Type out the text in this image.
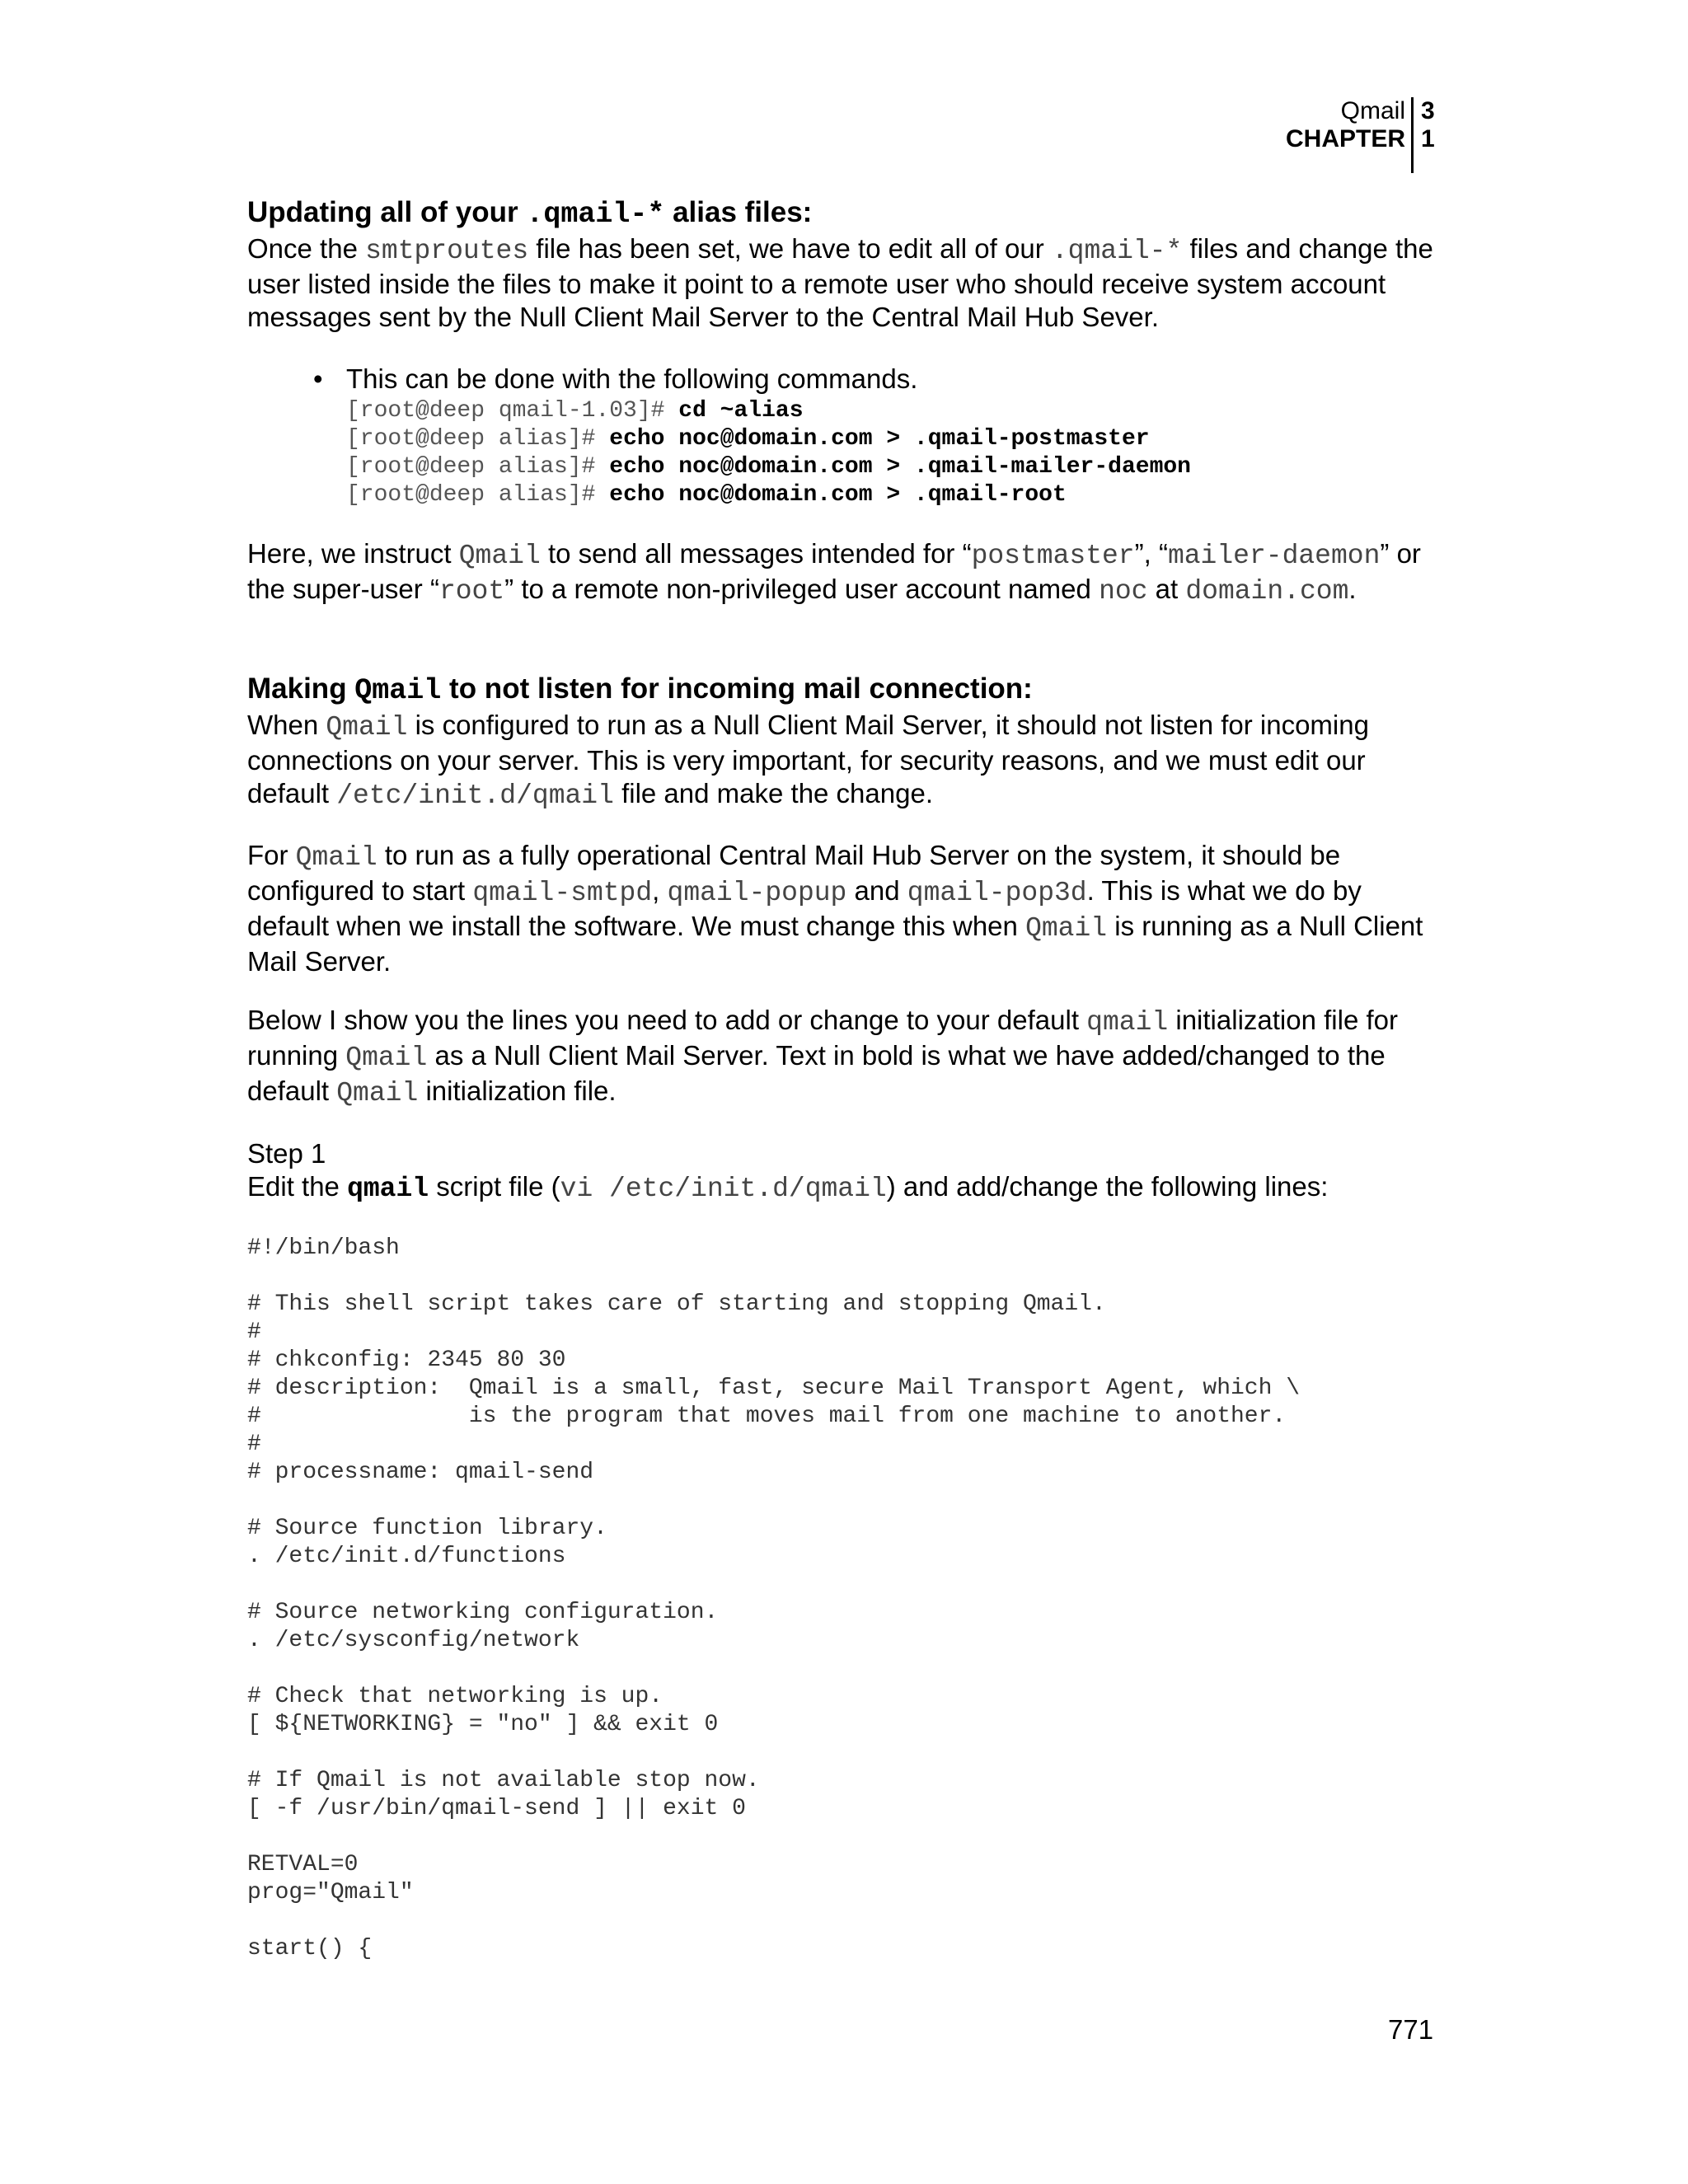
Qmail
CHAPTER
3
1
Updating all of your .qmail-* alias files:

Once the smtproutes file has been set, we have to edit all of our .qmail-* files and change the user listed inside the files to make it point to a remote user who should receive system account messages sent by the Null Client Mail Server to the Central Mail Hub Sever.

• This can be done with the following commands.
[root@deep qmail-1.03]# cd ~alias
[root@deep alias]# echo noc@domain.com > .qmail-postmaster
[root@deep alias]# echo noc@domain.com > .qmail-mailer-daemon
[root@deep alias]# echo noc@domain.com > .qmail-root

Here, we instruct Qmail to send all messages intended for “postmaster”, “mailer-daemon” or the super-user “root” to a remote non-privileged user account named noc at domain.com.

Making Qmail to not listen for incoming mail connection:

When Qmail is configured to run as a Null Client Mail Server, it should not listen for incoming connections on your server. This is very important, for security reasons, and we must edit our default /etc/init.d/qmail file and make the change.

For Qmail to run as a fully operational Central Mail Hub Server on the system, it should be configured to start qmail-smtpd, qmail-popup and qmail-pop3d. This is what we do by default when we install the software. We must change this when Qmail is running as a Null Client Mail Server.

Below I show you the lines you need to add or change to your default qmail initialization file for running Qmail as a Null Client Mail Server. Text in bold is what we have added/changed to the default Qmail initialization file.

Step 1

Edit the qmail script file (vi /etc/init.d/qmail) and add/change the following lines:

#!/bin/bash

# This shell script takes care of starting and stopping Qmail.
#
# chkconfig: 2345 80 30
# description:  Qmail is a small, fast, secure Mail Transport Agent, which \
#               is the program that moves mail from one machine to another.
#
# processname: qmail-send

# Source function library.
. /etc/init.d/functions

# Source networking configuration.
. /etc/sysconfig/network

# Check that networking is up.
[ ${NETWORKING} = "no" ] && exit 0

# If Qmail is not available stop now.
[ -f /usr/bin/qmail-send ] || exit 0

RETVAL=0
prog="Qmail"

start() {
771
